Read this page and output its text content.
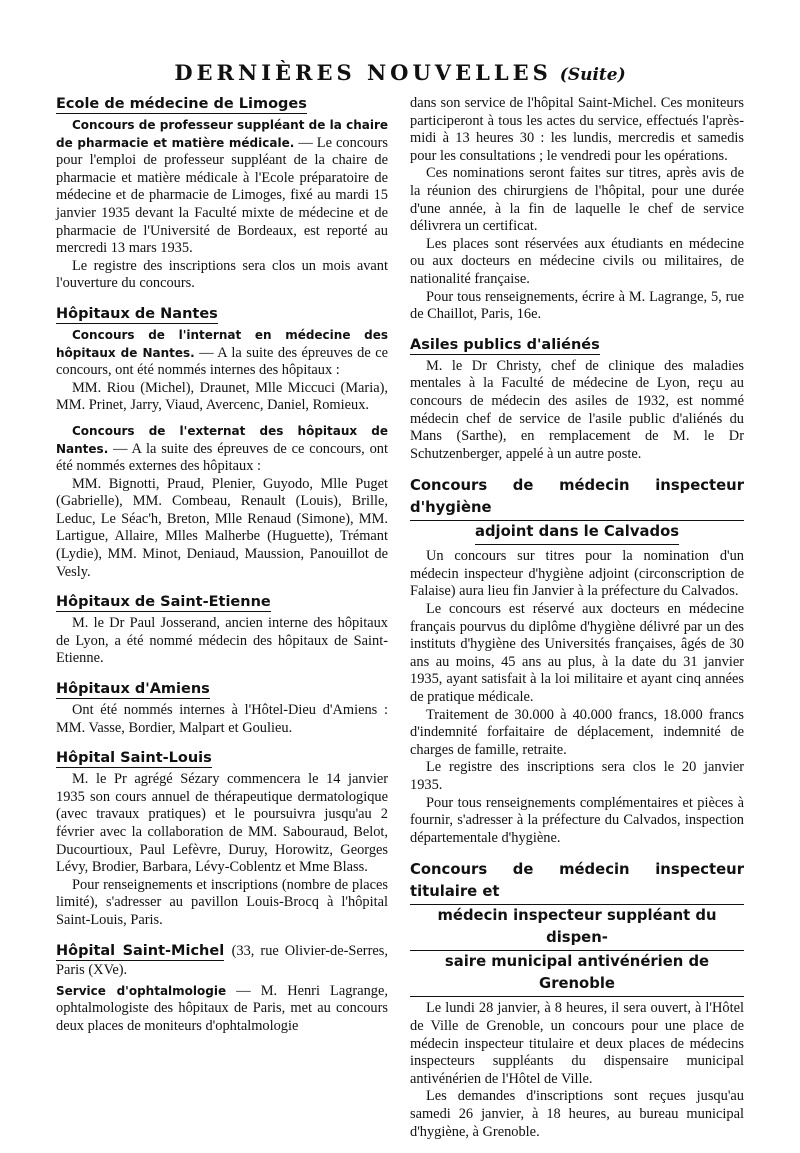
DERNIÈRES NOUVELLES (Suite)
Ecole de médecine de Limoges

Concours de professeur suppléant de la chaire de pharmacie et matière médicale. — Le concours pour l'emploi de professeur suppléant de la chaire de pharmacie et matière médicale à l'Ecole préparatoire de médecine et de pharmacie de Limoges, fixé au mardi 15 janvier 1935 devant la Faculté mixte de médecine et de pharmacie de l'Université de Bordeaux, est reporté au mercredi 13 mars 1935.

Le registre des inscriptions sera clos un mois avant l'ouverture du concours.

Hôpitaux de Nantes

Concours de l'internat en médecine des hôpitaux de Nantes. — A la suite des épreuves de ce concours, ont été nommés internes des hôpitaux :

MM. Riou (Michel), Draunet, Mlle Miccuci (Maria), MM. Prinet, Jarry, Viaud, Avercenc, Daniel, Romieux.

Concours de l'externat des hôpitaux de Nantes. — A la suite des épreuves de ce concours, ont été nommés externes des hôpitaux :

MM. Bignotti, Praud, Plenier, Guyodo, Mlle Puget (Gabrielle), MM. Combeau, Renault (Louis), Brille, Leduc, Le Séac'h, Breton, Mlle Renaud (Simone), MM. Lartigue, Allaire, Mlles Malherbe (Huguette), Trémant (Lydie), MM. Minot, Deniaud, Maussion, Panouillot de Vesly.

Hôpitaux de Saint-Etienne

M. le Dr Paul Josserand, ancien interne des hôpitaux de Lyon, a été nommé médecin des hôpitaux de Saint-Etienne.

Hôpitaux d'Amiens

Ont été nommés internes à l'Hôtel-Dieu d'Amiens : MM. Vasse, Bordier, Malpart et Goulieu.

Hôpital Saint-Louis

M. le Pr agrégé Sézary commencera le 14 janvier 1935 son cours annuel de thérapeutique dermatologique (avec travaux pratiques) et le poursuivra jusqu'au 2 février avec la collaboration de MM. Sabouraud, Belot, Ducourtioux, Paul Lefèvre, Duruy, Horowitz, Georges Lévy, Brodier, Barbara, Lévy-Coblentz et Mme Blass.

Pour renseignements et inscriptions (nombre de places limité), s'adresser au pavillon Louis-Brocq à l'hôpital Saint-Louis, Paris.

Hôpital Saint-Michel (33, rue Olivier-de-Serres, Paris (XVe).

Service d'ophtalmologie — M. Henri Lagrange, ophtalmologiste des hôpitaux de Paris, met au concours deux places de moniteurs d'ophtalmologie

dans son service de l'hôpital Saint-Michel. Ces moniteurs participeront à tous les actes du service, effectués l'après-midi à 13 heures 30 : les lundis, mercredis et samedis pour les consultations ; le vendredi pour les opérations.

Ces nominations seront faites sur titres, après avis de la réunion des chirurgiens de l'hôpital, pour une durée d'une année, à la fin de laquelle le chef de service délivrera un certificat.

Les places sont réservées aux étudiants en médecine ou aux docteurs en médecine civils ou militaires, de nationalité française.

Pour tous renseignements, écrire à M. Lagrange, 5, rue de Chaillot, Paris, 16e.

Asiles publics d'aliénés

M. le Dr Christy, chef de clinique des maladies mentales à la Faculté de médecine de Lyon, reçu au concours de médecin des asiles de 1932, est nommé médecin chef de service de l'asile public d'aliénés du Mans (Sarthe), en remplacement de M. le Dr Schutzenberger, appelé à un autre poste.

Concours de médecin inspecteur d'hygiène
adjoint dans le Calvados

Un concours sur titres pour la nomination d'un médecin inspecteur d'hygiène adjoint (circonscription de Falaise) aura lieu fin Janvier à la préfecture du Calvados.

Le concours est réservé aux docteurs en médecine français pourvus du diplôme d'hygiène délivré par un des instituts d'hygiène des Universités françaises, âgés de 30 ans au moins, 45 ans au plus, à la date du 31 janvier 1935, ayant satisfait à la loi militaire et ayant cinq années de pratique médicale.

Traitement de 30.000 à 40.000 francs, 18.000 francs d'indemnité forfaitaire de déplacement, indemnité de charges de famille, retraite.

Le registre des inscriptions sera clos le 20 janvier 1935.

Pour tous renseignements complémentaires et pièces à fournir, s'adresser à la préfecture du Calvados, inspection départementale d'hygiène.

Concours de médecin inspecteur titulaire et
médecin inspecteur suppléant du dispen-
saire municipal antivénérien de Grenoble

Le lundi 28 janvier, à 8 heures, il sera ouvert, à l'Hôtel de Ville de Grenoble, un concours pour une place de médecin inspecteur titulaire et deux places de médecins inspecteurs suppléants du dispensaire municipal antivénérien de l'Hôtel de Ville.

Les demandes d'inscriptions sont reçues jusqu'au samedi 26 janvier, à 18 heures, au bureau municipal d'hygiène, à Grenoble.
